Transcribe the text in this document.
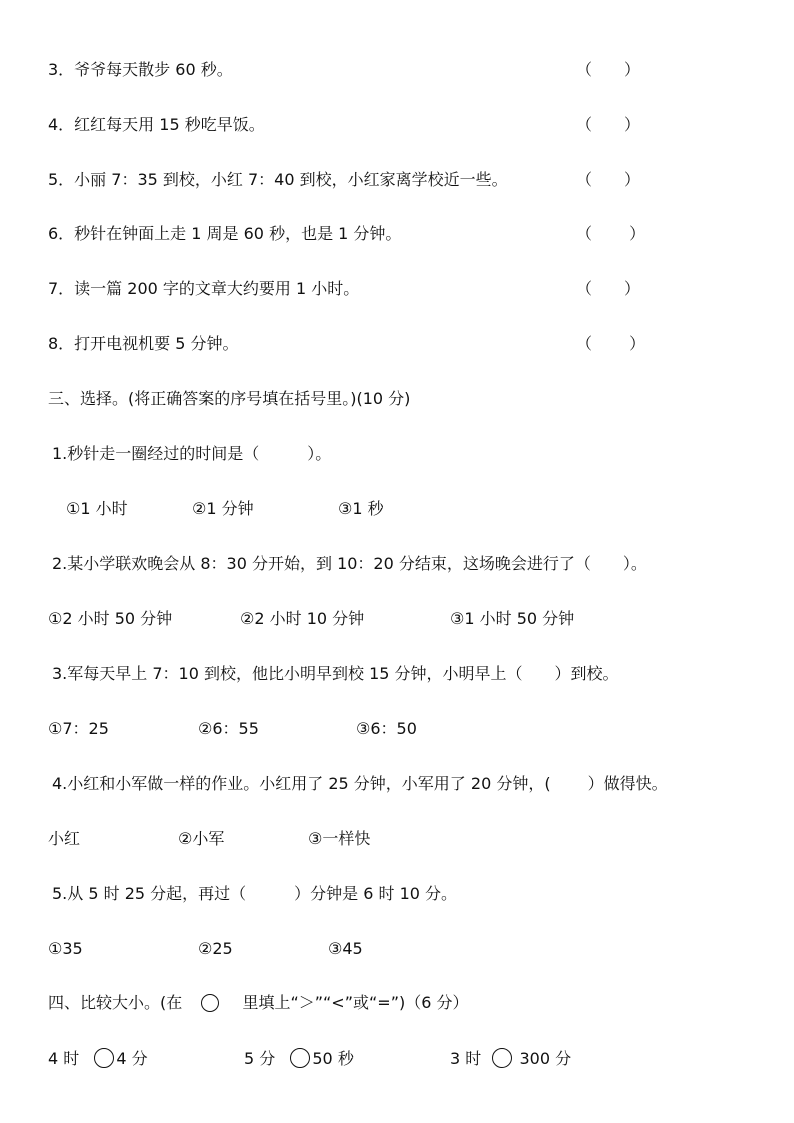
3．爷爷每天散步 60 秒。	（　　）
4．红红每天用 15 秒吃早饭。	（　　）
5．小丽 7：35 到校，小红 7：40 到校，小红家离学校近一些。	（　　）
6．秒针在钟面上走 1 周是 60 秒，也是 1 分钟。	（　　 ）
7．读一篇 200 字的文章大约要用 1 小时。	（　　）
8．打开电视机要 5 分钟。	（　　 ）
三、选择。(将正确答案的序号填在括号里。)(10 分)
1.秒针走一圈经过的时间是（　　　）。
①1 小时	②1 分钟	③1 秒
2.某小学联欢晚会从 8：30 分开始，到 10：20 分结束，这场晚会进行了（　　）。
①2 小时 50 分钟	②2 小时 10 分钟	③1 小时 50 分钟
3.军每天早上 7：10 到校，他比小明早到校 15 分钟，小明早上（　　）到校。
①7：25	②6：55	③6：50
4.小红和小军做一样的作业。小红用了 25 分钟，小军用了 20 分钟，(　　 ）做得快。
小红	②小军	③一样快
5.从 5 时 25 分起，再过（　　　）分钟是 6 时 10 分。
①35	②25	③45
四、比较大小。(在	里填上“＞”“<”或“=”)（6 分）
4 时 4 分	5 分 50 秒	3 时  300 分
